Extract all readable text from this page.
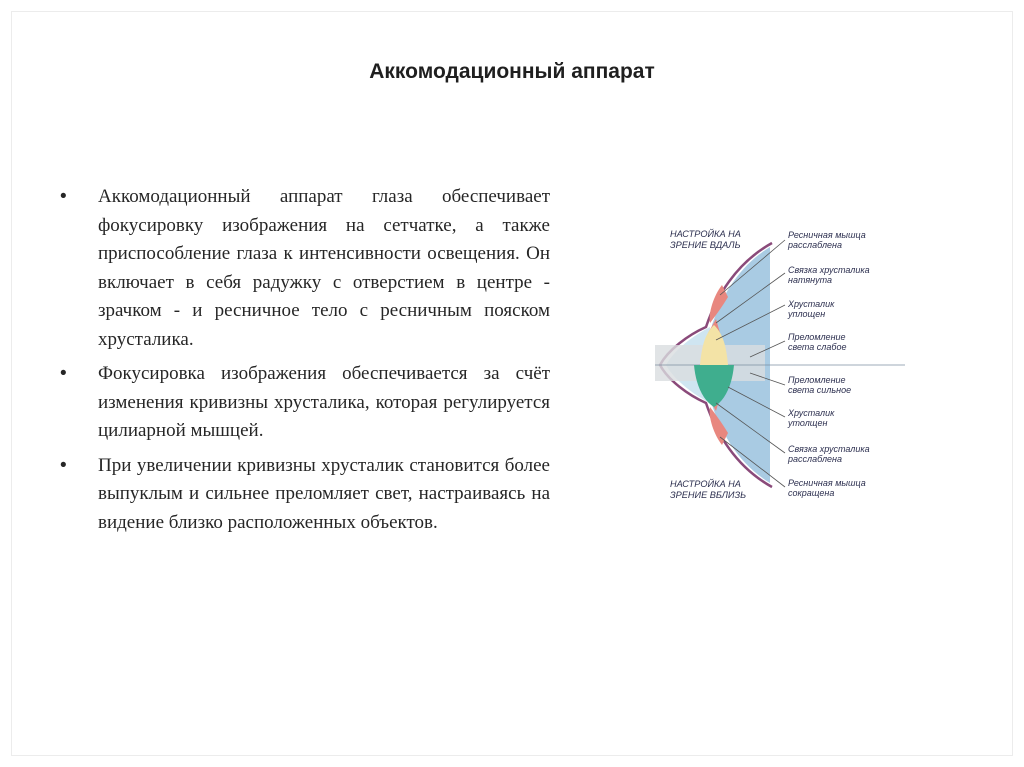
Аккомодационный аппарат
• Аккомодационный аппарат глаза обеспечивает фокусировку изображения на сетчатке, а также приспособление глаза к интенсивности освещения. Он включает в себя радужку с отверстием в центре - зрачком - и ресничное тело с ресничным пояском хрусталика.
• Фокусировка изображения обеспечивается за счёт изменения кривизны хрусталика, которая регулируется цилиарной мышцей.
• При увеличении кривизны хрусталик становится более выпуклым и сильнее преломляет свет, настраиваясь на видение близко расположенных объектов.
НАСТРОЙКА НА
ЗРЕНИЕ ВДАЛЬ
НАСТРОЙКА НА
ЗРЕНИЕ ВБЛИЗЬ
Ресничная мышца
расслаблена
Связка хрусталика
натянута
Хрусталик
уплощен
Преломление
света слабое
Преломление
света сильное
Хрусталик
утолщен
Связка хрусталика
расслаблена
Ресничная мышца
сокращена
